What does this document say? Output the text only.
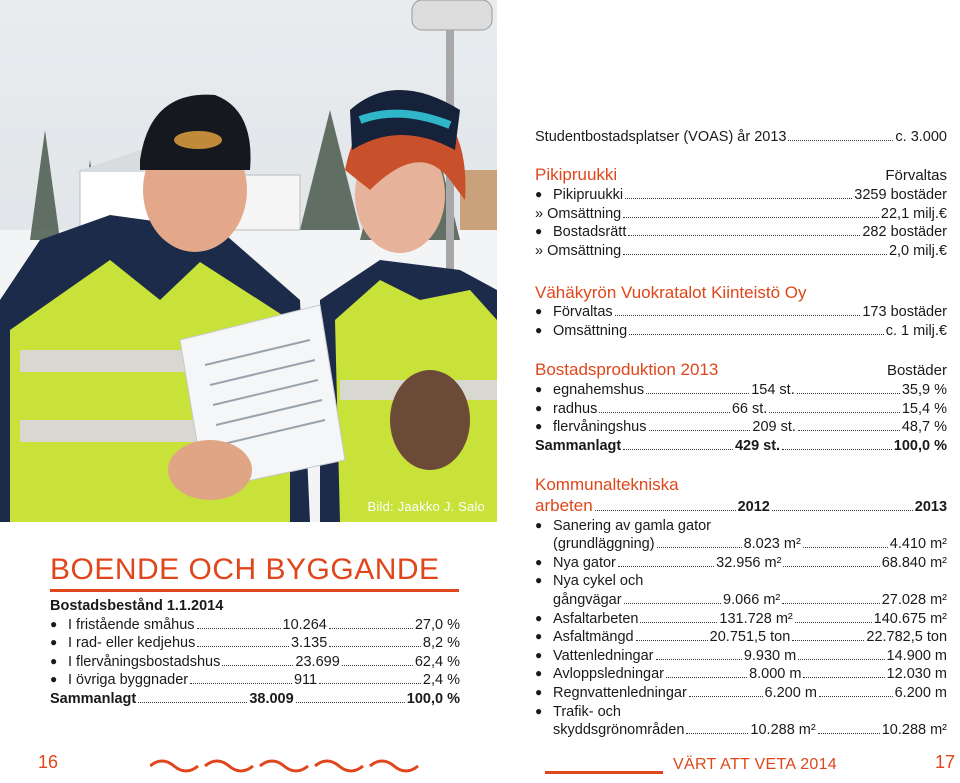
Bild: Jaakko J. Salo
BOENDE OCH BYGGANDE
Bostadsbestånd 1.1.2014
● I fristående småhus	10.264	27,0 %
● I rad- eller kedjehus	3.135	8,2 %
● I flervåningsbostadshus	23.699	62,4 %
● I övriga byggnader	911	2,4 %
Sammanlagt	38.009	100,0 %
16
Studentbostadsplatser (VOAS) år 2013	c. 3.000
Pikipruukki	Förvaltas
● Pikipruukki	3259 bostäder
» Omsättning	22,1 milj.€
● Bostadsrätt	282 bostäder
» Omsättning	2,0 milj.€
Vähäkyrön Vuokratalot Kiinteistö Oy
● Förvaltas	173 bostäder
● Omsättning	c. 1 milj.€
Bostadsproduktion 2013	Bostäder
● egnahemshus	154 st.	35,9 %
● radhus	66 st.	15,4 %
● flervåningshus	209 st.	48,7 %
Sammanlagt	429 st.	100,0 %
Kommunaltekniska
arbeten	2012	2013
● Sanering av gamla gator
(grundläggning)	8.023 m²	4.410 m²
● Nya gator	32.956 m²	68.840 m²
● Nya cykel och
gångvägar	9.066 m²	27.028 m²
● Asfaltarbeten	131.728 m²	140.675 m²
● Asfaltmängd	20.751,5 ton	22.782,5 ton
● Vattenledningar	9.930 m	14.900 m
● Avloppsledningar	8.000 m	12.030 m
● Regnvattenledningar	6.200 m	6.200 m
● Trafik- och
skyddsgrönområden	10.288 m²	10.288 m²
VÄRT ATT VETA 2014	17
